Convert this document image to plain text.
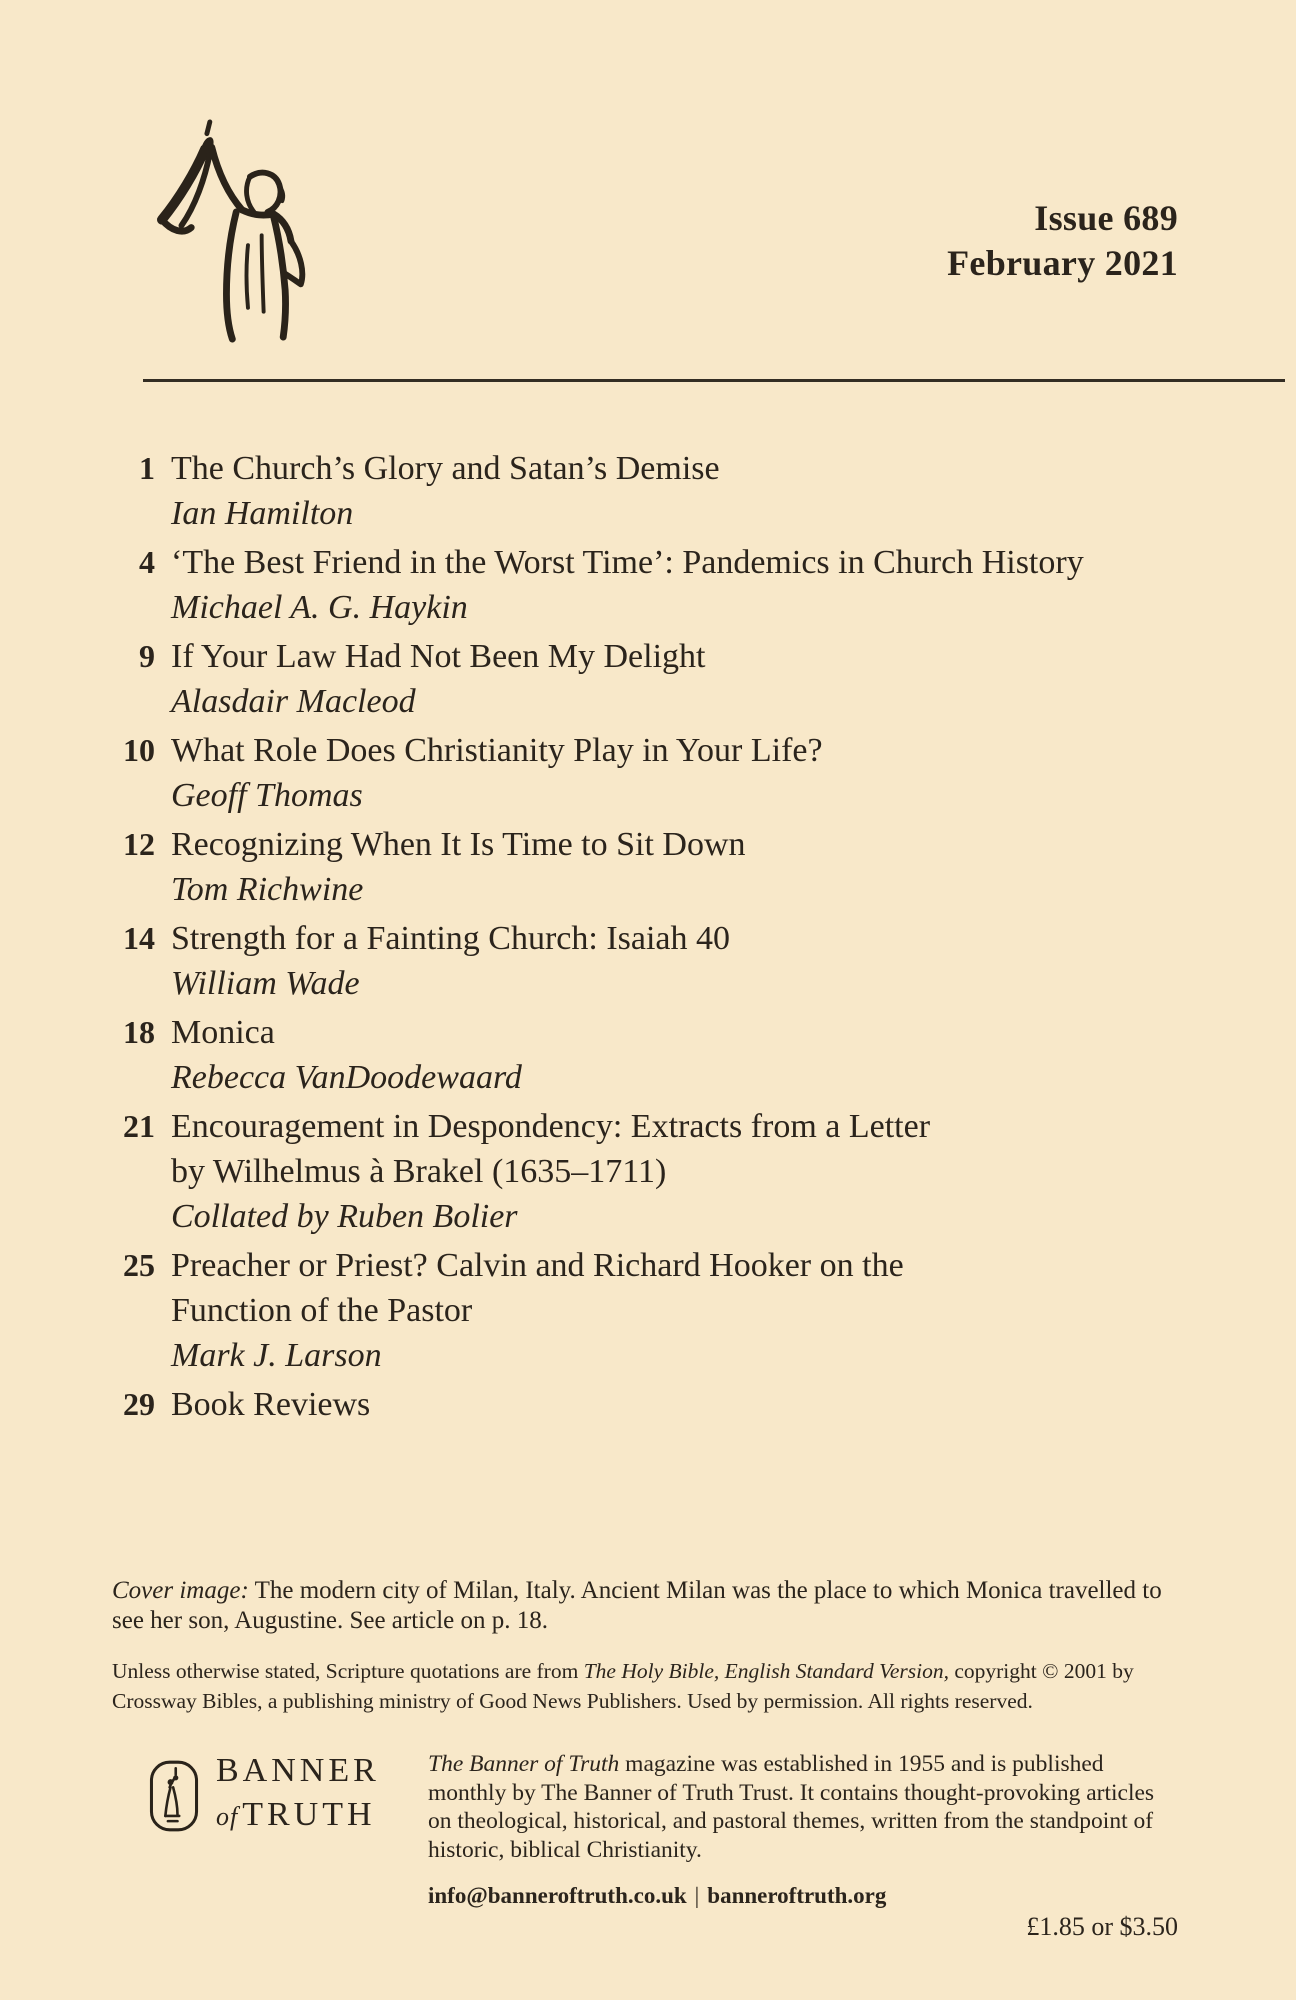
Issue 689
February 2021
1 The Church’s Glory and Satan’s Demise
Ian Hamilton
4 ‘The Best Friend in the Worst Time’: Pandemics in Church History
Michael A. G. Haykin
9 If Your Law Had Not Been My Delight
Alasdair Macleod
10 What Role Does Christianity Play in Your Life?
Geoff Thomas
12 Recognizing When It Is Time to Sit Down
Tom Richwine
14 Strength for a Fainting Church: Isaiah 40
William Wade
18 Monica
Rebecca VanDoodewaard
21 Encouragement in Despondency: Extracts from a Letter
by Wilhelmus à Brakel (1635–1711)
Collated by Ruben Bolier
25 Preacher or Priest? Calvin and Richard Hooker on the
Function of the Pastor
Mark J. Larson
29 Book Reviews
Cover image: The modern city of Milan, Italy. Ancient Milan was the place to which Monica travelled to see her son, Augustine. See article on p. 18.
Unless otherwise stated, Scripture quotations are from The Holy Bible, English Standard Version, copyright © 2001 by Crossway Bibles, a publishing ministry of Good News Publishers. Used by permission. All rights reserved.
BANNER
of TRUTH
The Banner of Truth magazine was established in 1955 and is published monthly by The Banner of Truth Trust. It contains thought-provoking articles on theological, historical, and pastoral themes, written from the standpoint of historic, biblical Christianity.
info@banneroftruth.co.uk | banneroftruth.org
£1.85 or $3.50
